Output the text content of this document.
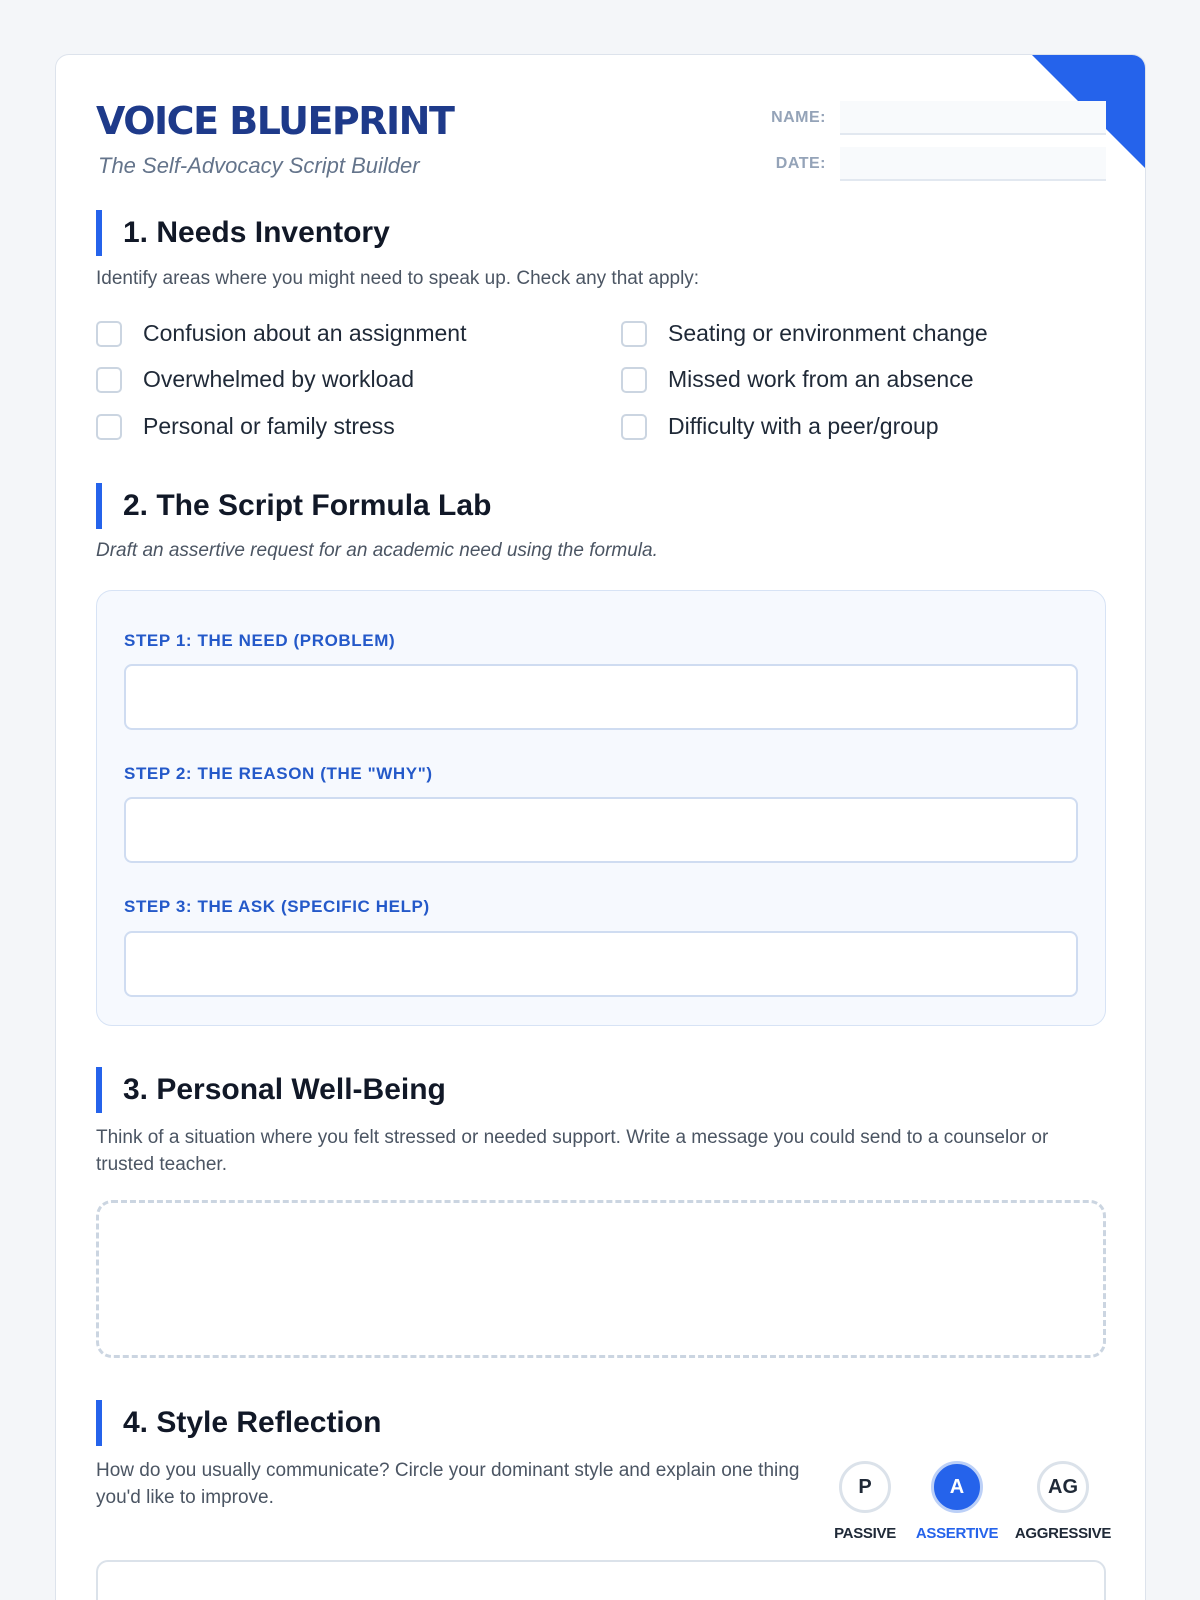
VOICE BLUEPRINT
The Self-Advocacy Script Builder
NAME:
DATE:
1. Needs Inventory
Identify areas where you might need to speak up. Check any that apply:
Confusion about an assignment	Seating or environment change
Overwhelmed by workload	Missed work from an absence
Personal or family stress	Difficulty with a peer/group
2. The Script Formula Lab
Draft an assertive request for an academic need using the formula.
STEP 1: THE NEED (PROBLEM)
STEP 2: THE REASON (THE "WHY")
STEP 3: THE ASK (SPECIFIC HELP)
3. Personal Well-Being
Think of a situation where you felt stressed or needed support. Write a message you could send to a counselor or trusted teacher.
4. Style Reflection
How do you usually communicate? Circle your dominant style and explain one thing you'd like to improve.	P
PASSIVE
A
ASSERTIVE
AG
AGGRESSIVE
